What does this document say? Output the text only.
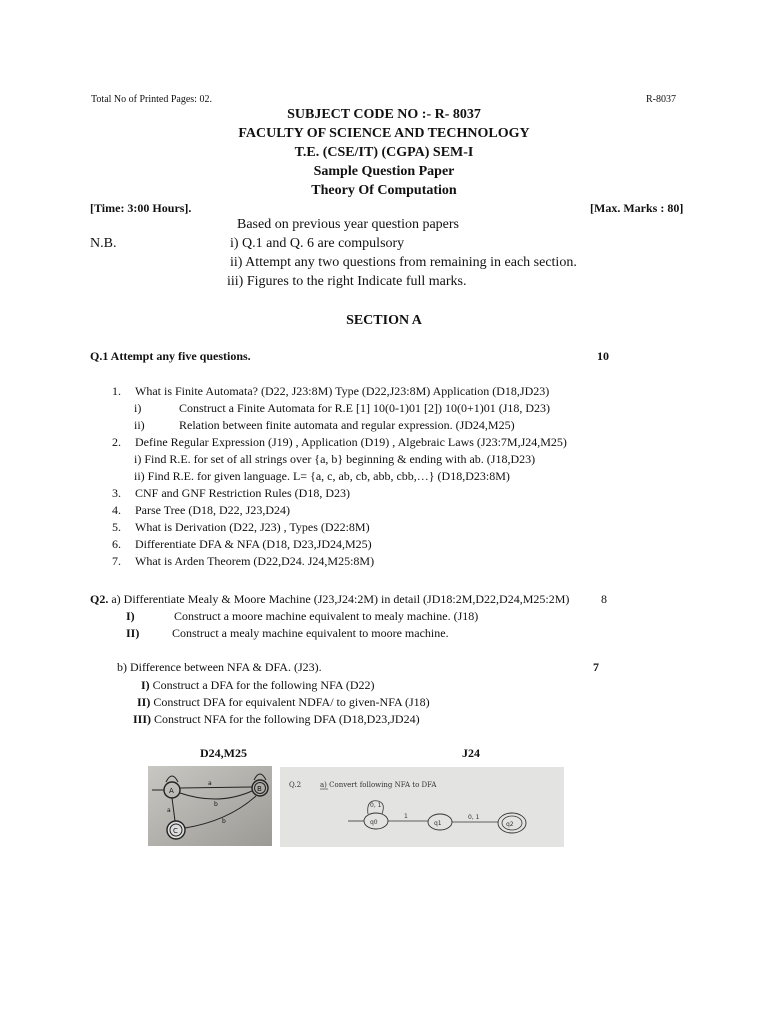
Total No of Printed Pages: 02.	R-8037
SUBJECT CODE NO :- R- 8037
FACULTY OF SCIENCE AND TECHNOLOGY
T.E. (CSE/IT) (CGPA) SEM-I
Sample Question Paper
Theory Of Computation
[Time: 3:00 Hours].	[Max. Marks : 80]
Based on previous year question papers
N.B.	i) Q.1 and Q. 6 are compulsory
ii) Attempt any two questions from remaining in each section.
iii) Figures to the right Indicate full marks.
SECTION A
Q.1 Attempt any five questions.	10
1. What is Finite Automata? (D22, J23:8M) Type (D22,J23:8M) Application (D18,JD23)
i)	Construct a Finite Automata for R.E [1] 10(0-1)01 [2]) 10(0+1)01 (J18, D23)
ii)	Relation between finite automata and regular expression. (JD24,M25)
2. Define Regular Expression (J19) , Application (D19) , Algebraic Laws (J23:7M,J24,M25)
i) Find R.E. for set of all strings over {a, b} beginning & ending with ab. (J18,D23)
ii) Find R.E. for given language. L= {a, c, ab, cb, abb, cbb,…} (D18,D23:8M)
3. CNF and GNF Restriction Rules (D18, D23)
4. Parse Tree (D18, D22, J23,D24)
5. What is Derivation (D22, J23) , Types (D22:8M)
6. Differentiate DFA & NFA (D18, D23,JD24,M25)
7. What is Arden Theorem (D22,D24. J24,M25:8M)
Q2. a) Differentiate Mealy & Moore Machine (J23,J24:2M) in detail (JD18:2M,D22,D24,M25:2M)	8
I)	Construct a moore machine equivalent to mealy machine. (J18)
II)	Construct a mealy machine equivalent to moore machine.
b) Difference between NFA & DFA. (J23).	7
I) Construct a DFA for the following NFA (D22)
II) Construct DFA for equivalent NDFA/ to given-NFA (J18)
III) Construct NFA for the following DFA (D18,D23,JD24)
D24,M25	J24
A	B
C
a
b
a
b
Q.2	a) Convert following NFA to DFA
q0
0, 1
1
q1
0, 1
q2
